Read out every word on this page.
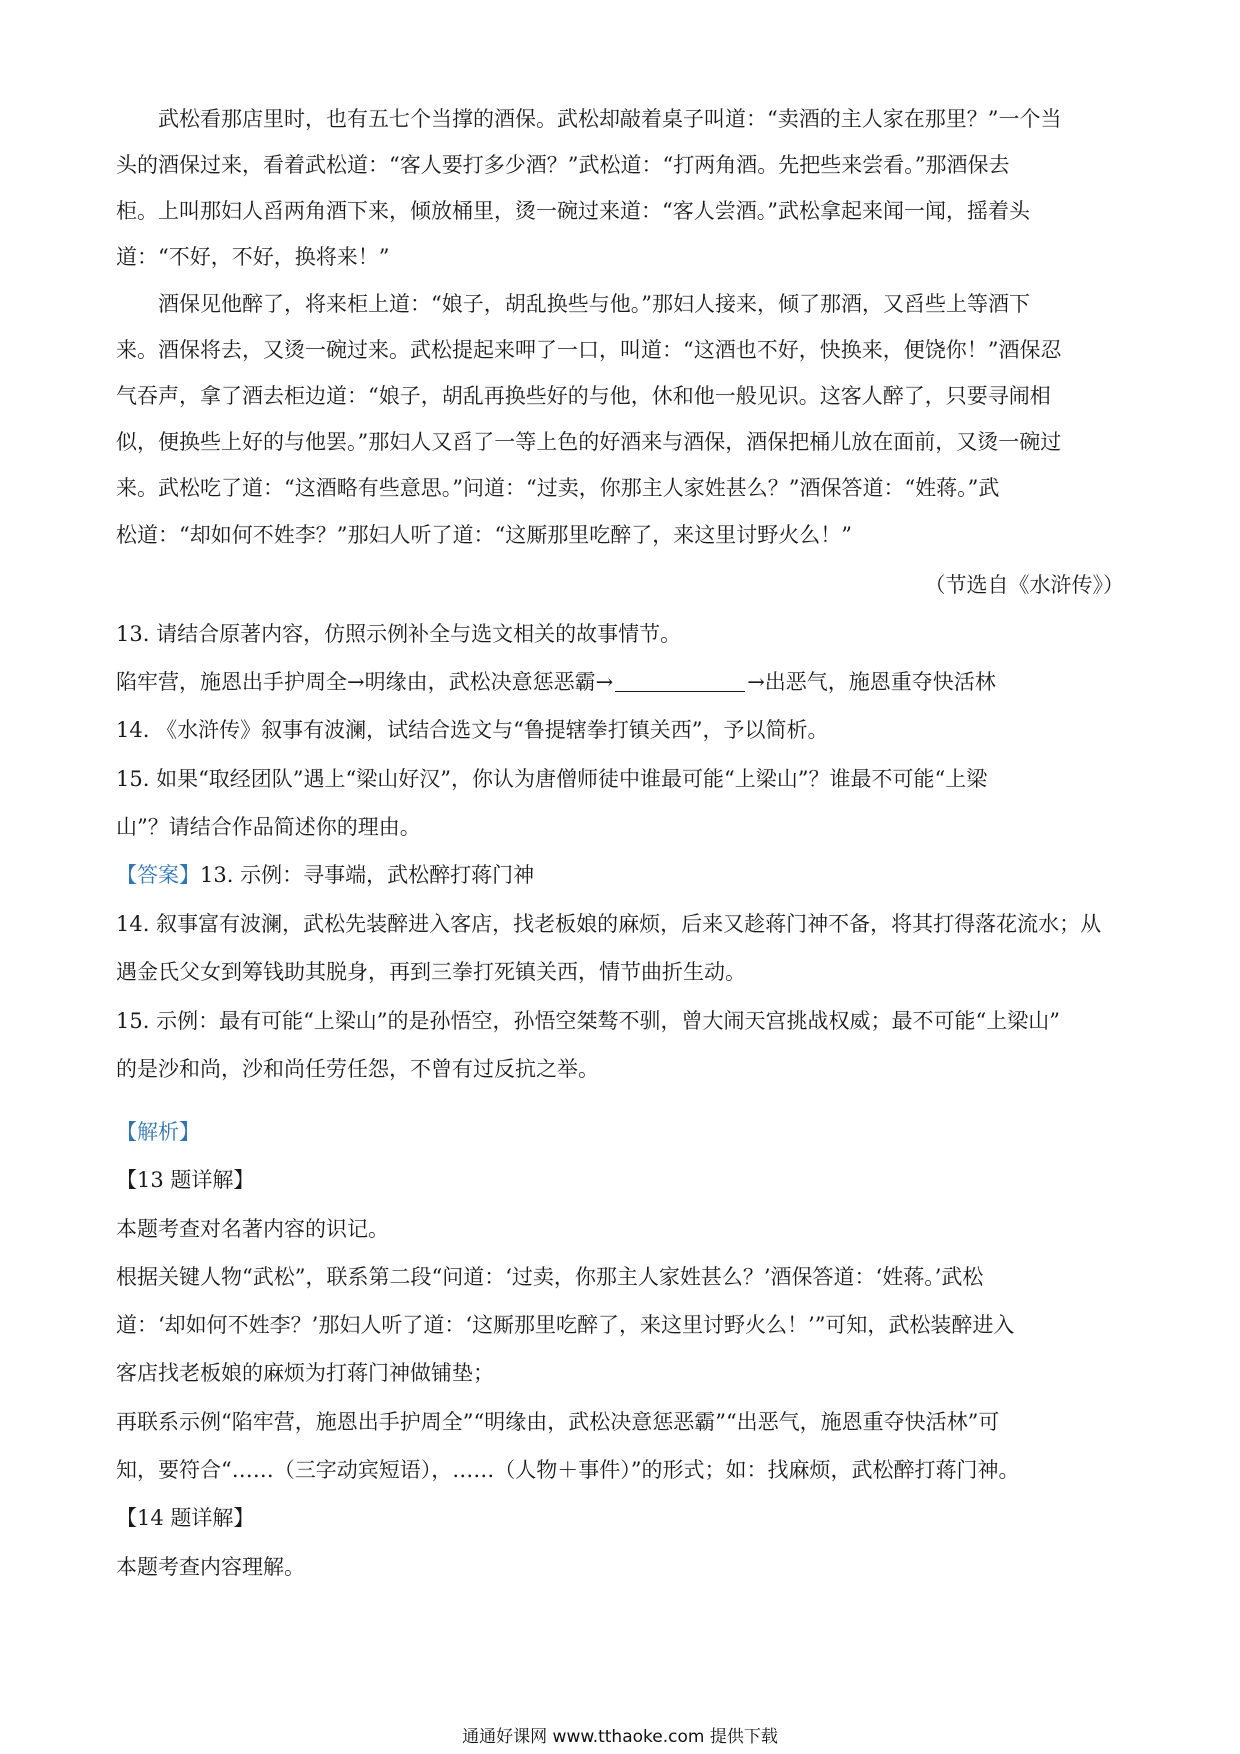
武松看那店里时，也有五七个当撑的酒保。武松却敲着桌子叫道：“卖酒的主人家在那里？”一个当

头的酒保过来，看着武松道：“客人要打多少酒？”武松道：“打两角酒。先把些来尝看。”那酒保去

柜。上叫那妇人舀两角酒下来，倾放桶里，烫一碗过来道：“客人尝酒。”武松拿起来闻一闻，摇着头

道：“不好，不好，换将来！”

酒保见他醉了，将来柜上道：“娘子，胡乱换些与他。”那妇人接来，倾了那酒，又舀些上等酒下

来。酒保将去，又烫一碗过来。武松提起来呷了一口，叫道：“这酒也不好，快换来，便饶你！”酒保忍

气吞声，拿了酒去柜边道：“娘子，胡乱再换些好的与他，休和他一般见识。这客人醉了，只要寻闹相

似，便换些上好的与他罢。”那妇人又舀了一等上色的好酒来与酒保，酒保把桶儿放在面前，又烫一碗过

来。武松吃了道：“这酒略有些意思。”问道：“过卖，你那主人家姓甚么？”酒保答道：“姓蒋。”武

松道：“却如何不姓李？”那妇人听了道：“这厮那里吃醉了，来这里讨野火么！”

（节选自《水浒传》）

13. 请结合原著内容，仿照示例补全与选文相关的故事情节。

陷牢营，施恩出手护周全→明缘由，武松决意惩恶霸→	→出恶气，施恩重夺快活林

14. 《水浒传》叙事有波澜，试结合选文与“鲁提辖拳打镇关西”，予以简析。

15. 如果“取经团队”遇上“梁山好汉”，你认为唐僧师徒中谁最可能“上梁山”？谁最不可能“上梁

山”？请结合作品简述你的理由。

【答案】13. 示例：寻事端，武松醉打蒋门神

14. 叙事富有波澜，武松先装醉进入客店，找老板娘的麻烦，后来又趁蒋门神不备，将其打得落花流水；从

遇金氏父女到筹钱助其脱身，再到三拳打死镇关西，情节曲折生动。

15. 示例：最有可能“上梁山”的是孙悟空，孙悟空桀骜不驯，曾大闹天宫挑战权威；最不可能“上梁山”

的是沙和尚，沙和尚任劳任怨，不曾有过反抗之举。

【解析】

【13 题详解】

本题考查对名著内容的识记。

根据关键人物“武松”，联系第二段“问道：‘过卖，你那主人家姓甚么？’酒保答道：‘姓蒋。’武松

道：‘却如何不姓李？’那妇人听了道：‘这厮那里吃醉了，来这里讨野火么！’”可知，武松装醉进入

客店找老板娘的麻烦为打蒋门神做铺垫；

再联系示例“陷牢营，施恩出手护周全”“明缘由，武松决意惩恶霸”“出恶气，施恩重夺快活林”可

知，要符合“……（三字动宾短语），……（人物＋事件）”的形式；如：找麻烦，武松醉打蒋门神。

【14 题详解】

本题考查内容理解。

通通好课网 www.tthaoke.com 提供下载
